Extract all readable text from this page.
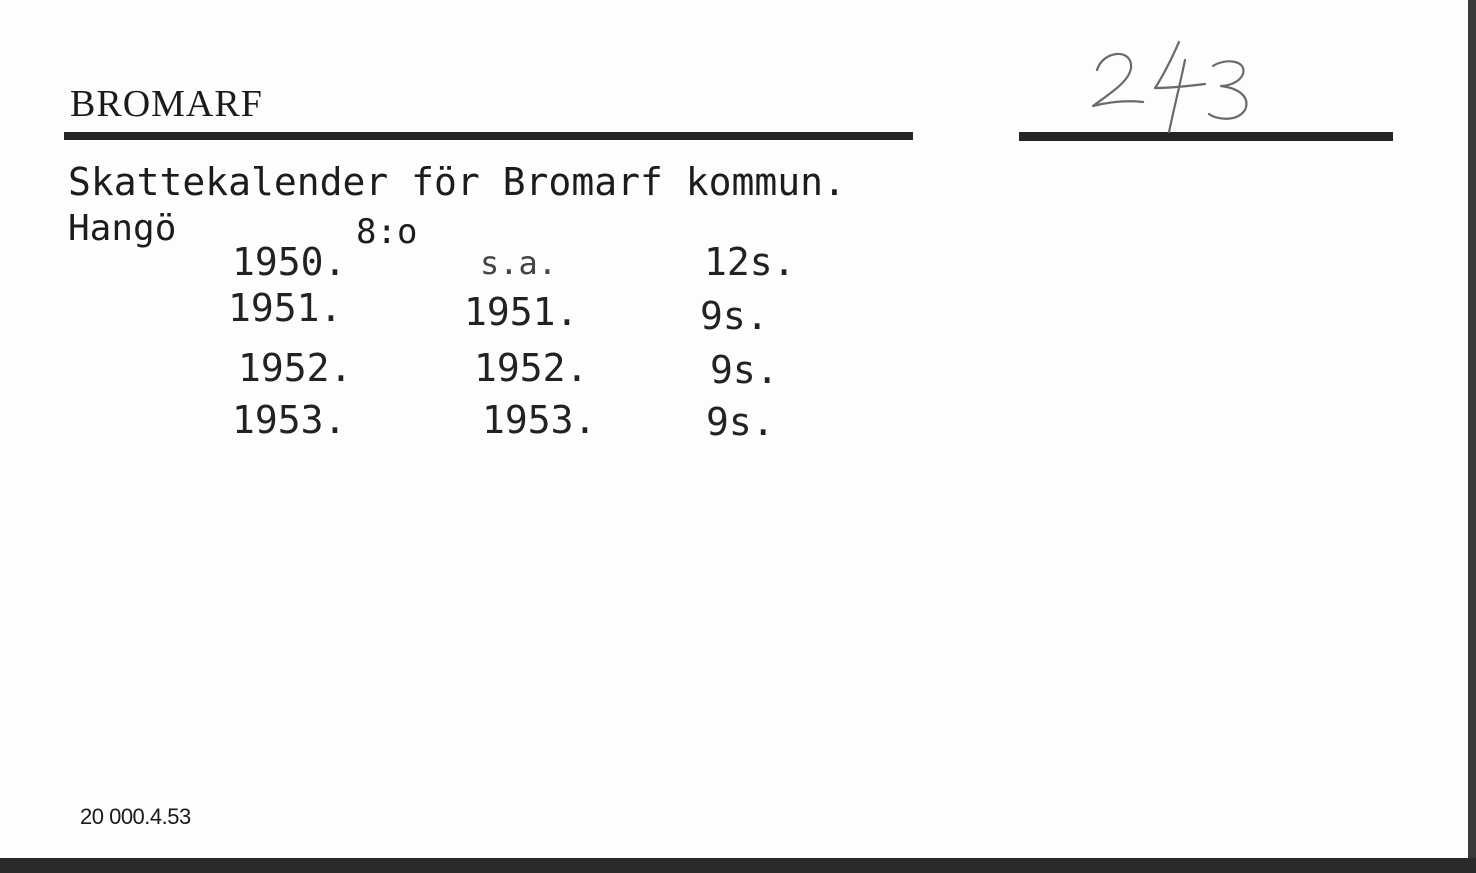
BROMARF
Skattekalender för Bromarf kommun.
Hangö	8:o
1950.	s.a.	12s.
1951.	1951.	9s.
1952.	1952.	9s.
1953.	1953.	9s.
20 000.4.53
